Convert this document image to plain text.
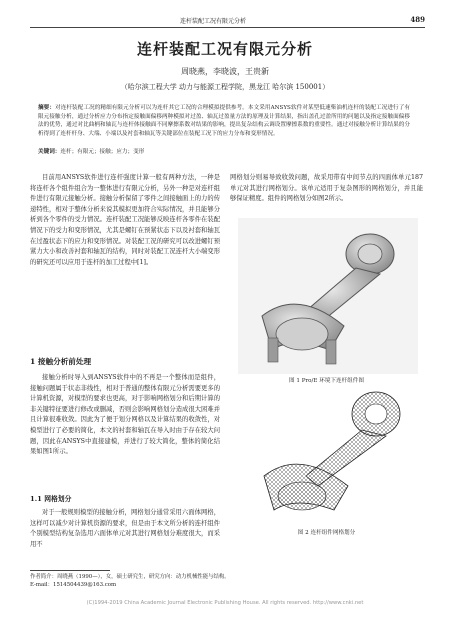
连杆装配工况有限元分析	489
连杆装配工况有限元分析
周晓燕，李晓波，王贵新
（哈尔滨工程大学 动力与能源工程学院，黑龙江 哈尔滨 150001）
摘要：对连杆装配工况的精细有限元分析可以为连杆其它工况的合理模拟提供参考。本文采用ANSYS软件对某型低速柴油机连杆的装配工况进行了有限元接触分析，通过分析应力分布指定接触面偏移两种模拟对过盈、轴瓦过盈量方法的原理及计算结果，指出盖孔过盈所用的问题以及指定接触面偏移法的优势，通过对比曲柄和轴瓦与连杆体接触面不同摩擦系数对结果的影响，提出复杂结构云调设置摩擦系数的重要性。通过对接触分析计算结果的分析得到了连杆杆身、大端、小端以及衬套和轴瓦等关键部位在装配工况下的应力分布和变形情况。
关键词：连杆；有限元；接触；应力；变形
目前用ANSYS软件进行连杆强度计算一般有两种方法，一种是将连杆各个组件组合为一整体进行有限元分析，另外一种是对连杆组件进行有限元接触分析。接触分析保留了零件之间接触面上的力的传递特性，相对于整体分析来说其模拟更加符合实际情况，并且能够分析到各个零件的受力情况。连杆装配工况能够反映连杆各零件在装配情况下的受力和变形情况，尤其是螺钉在预紧状态下以及衬套和轴瓦在过盈状态下的应力和变形情况。对装配工况的研究可以改进螺钉预紧力大小和改善衬套和轴瓦的结构，同时对装配工况连杆大小端变形的研究还可以应用于连杆的加工过程中[1]。
1 接触分析前处理
接触分析时导入到ANSYS软件中的不再是一个整体而是组件，接触问题属于状态非线性，相对于普通的整体有限元分析需要更多的计算机资源，对模型的要求也更高，对于影响网格划分和后期计算的非关键特征要进行修改或删减，否则会影响网格划分造成很大困难并且计算很难收敛。因此为了便于划分网格以及计算结果的收敛性，对模型进行了必要的简化，本文的衬套和轴瓦在导入时由于存在较大问题，因此在ANSYS中直接建模，并进行了较大简化，整体的简化结果如图1所示。
1.1 网格划分
对于一般规则模型的接触分析，网格划分通常采用六面体网格，这样可以减少对计算机资源的要求，但是由于本文所分析的连杆组件个别模型结构复杂选用六面体单元对其进行网格划分难度很大，而采用不
网格划分则易导致收敛问题，故采用带有中间节点的四面体单元187单元对其进行网格划分。该单元适用于复杂图形的网格划分，并且能够保证精度。组件的网格划分如图2所示。
图 1 Pro/E 环境下连杆组件图
图 2 连杆组件网格划分
作者简介：周晓燕（1990—），女，硕士研究生，研究方向：动力机械性能与结构。
E-mail：1514504439@163.com
(C)1994-2019 China Academic Journal Electronic Publishing House. All rights reserved. http://www.cnki.net
